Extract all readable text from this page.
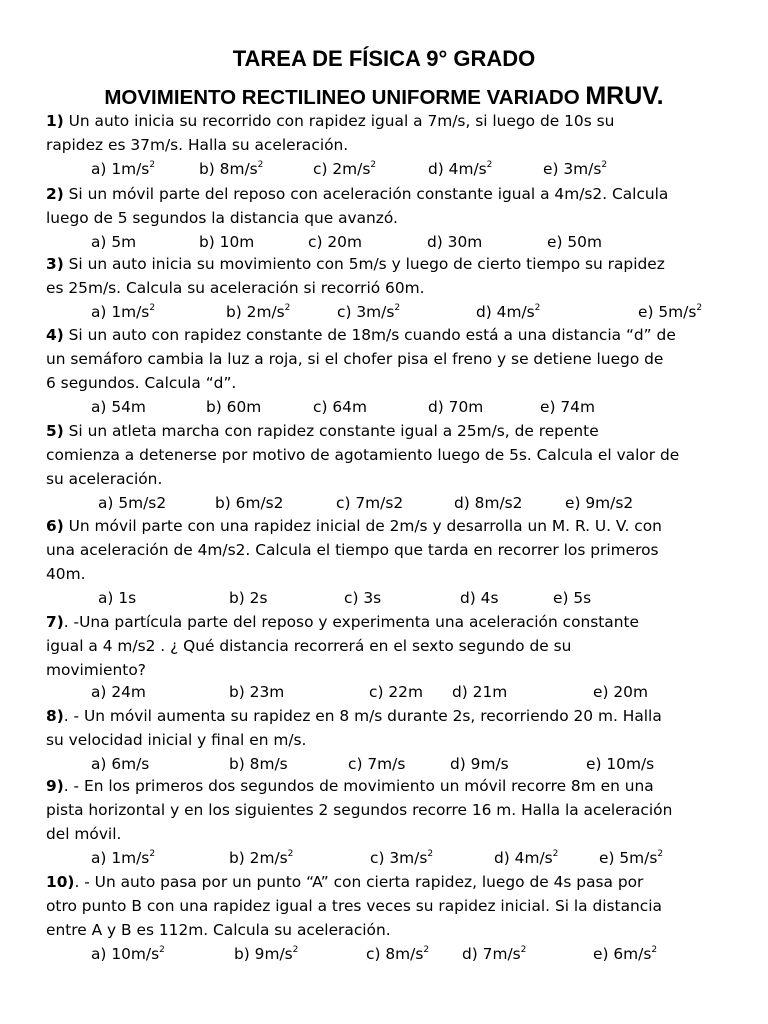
TAREA DE FÍSICA 9° GRADO
MOVIMIENTO RECTILINEO UNIFORME VARIADO MRUV.
1) Un auto inicia su recorrido con rapidez igual a 7m/s, si luego de 10s su
rapidez es 37m/s. Halla su aceleración.
a) $1m/s^2$	b) $8m/s^2$	c) $2m/s^2$	d) $4m/s^2$	e) $3m/s^2$
2) Si un móvil parte del reposo con aceleración constante igual a 4m/s2. Calcula
luego de 5 segundos la distancia que avanzó.
a) 5m	b) 10m	c) 20m	d) 30m	e) 50m
3) Si un auto inicia su movimiento con 5m/s y luego de cierto tiempo su rapidez
es 25m/s. Calcula su aceleración si recorrió 60m.
a) $1m/s^2$	b) $2m/s^2$	c) $3m/s^2$	d) $4m/s^2$	e) $5m/s^2$
4) Si un auto con rapidez constante de 18m/s cuando está a una distancia “d” de
un semáforo cambia la luz a roja, si el chofer pisa el freno y se detiene luego de
6 segundos. Calcula “d”.
a) 54m	b) 60m	c) 64m	d) 70m	e) 74m
5) Si un atleta marcha con rapidez constante igual a 25m/s, de repente
comienza a detenerse por motivo de agotamiento luego de 5s. Calcula el valor de
su aceleración.
a) 5m/s2	b) 6m/s2	c) 7m/s2	d) 8m/s2	e) 9m/s2
6) Un móvil parte con una rapidez inicial de 2m/s y desarrolla un M. R. U. V. con
una aceleración de 4m/s2. Calcula el tiempo que tarda en recorrer los primeros
40m.
a) 1s	b) 2s	c) 3s	d) 4s	e) 5s
7). -Una partícula parte del reposo y experimenta una aceleración constante
igual a 4 m/s2 . ¿ Qué distancia recorrerá en el sexto segundo de su
movimiento?
a) 24m	b) 23m	c) 22m d) 21m	e) 20m
8). - Un móvil aumenta su rapidez en 8 m/s durante 2s, recorriendo 20 m. Halla
su velocidad inicial y final en m/s.
a) 6m/s	b) 8m/s	c) 7m/s	d) 9m/s	e) 10m/s
9). - En los primeros dos segundos de movimiento un móvil recorre 8m en una
pista horizontal y en los siguientes 2 segundos recorre 16 m. Halla la aceleración
del móvil.
a) $1m/s^2$	b) $2m/s^2$	c) $3m/s^2$	d) $4m/s^2$	e) $5m/s^2$
10). - Un auto pasa por un punto “A” con cierta rapidez, luego de 4s pasa por
otro punto B con una rapidez igual a tres veces su rapidez inicial. Si la distancia
entre A y B es 112m. Calcula su aceleración.
a) $10m/s^2$	b) $9m/s^2$	c) $8m/s^2$ d) $7m/s^2$	e) $6m/s^2$
